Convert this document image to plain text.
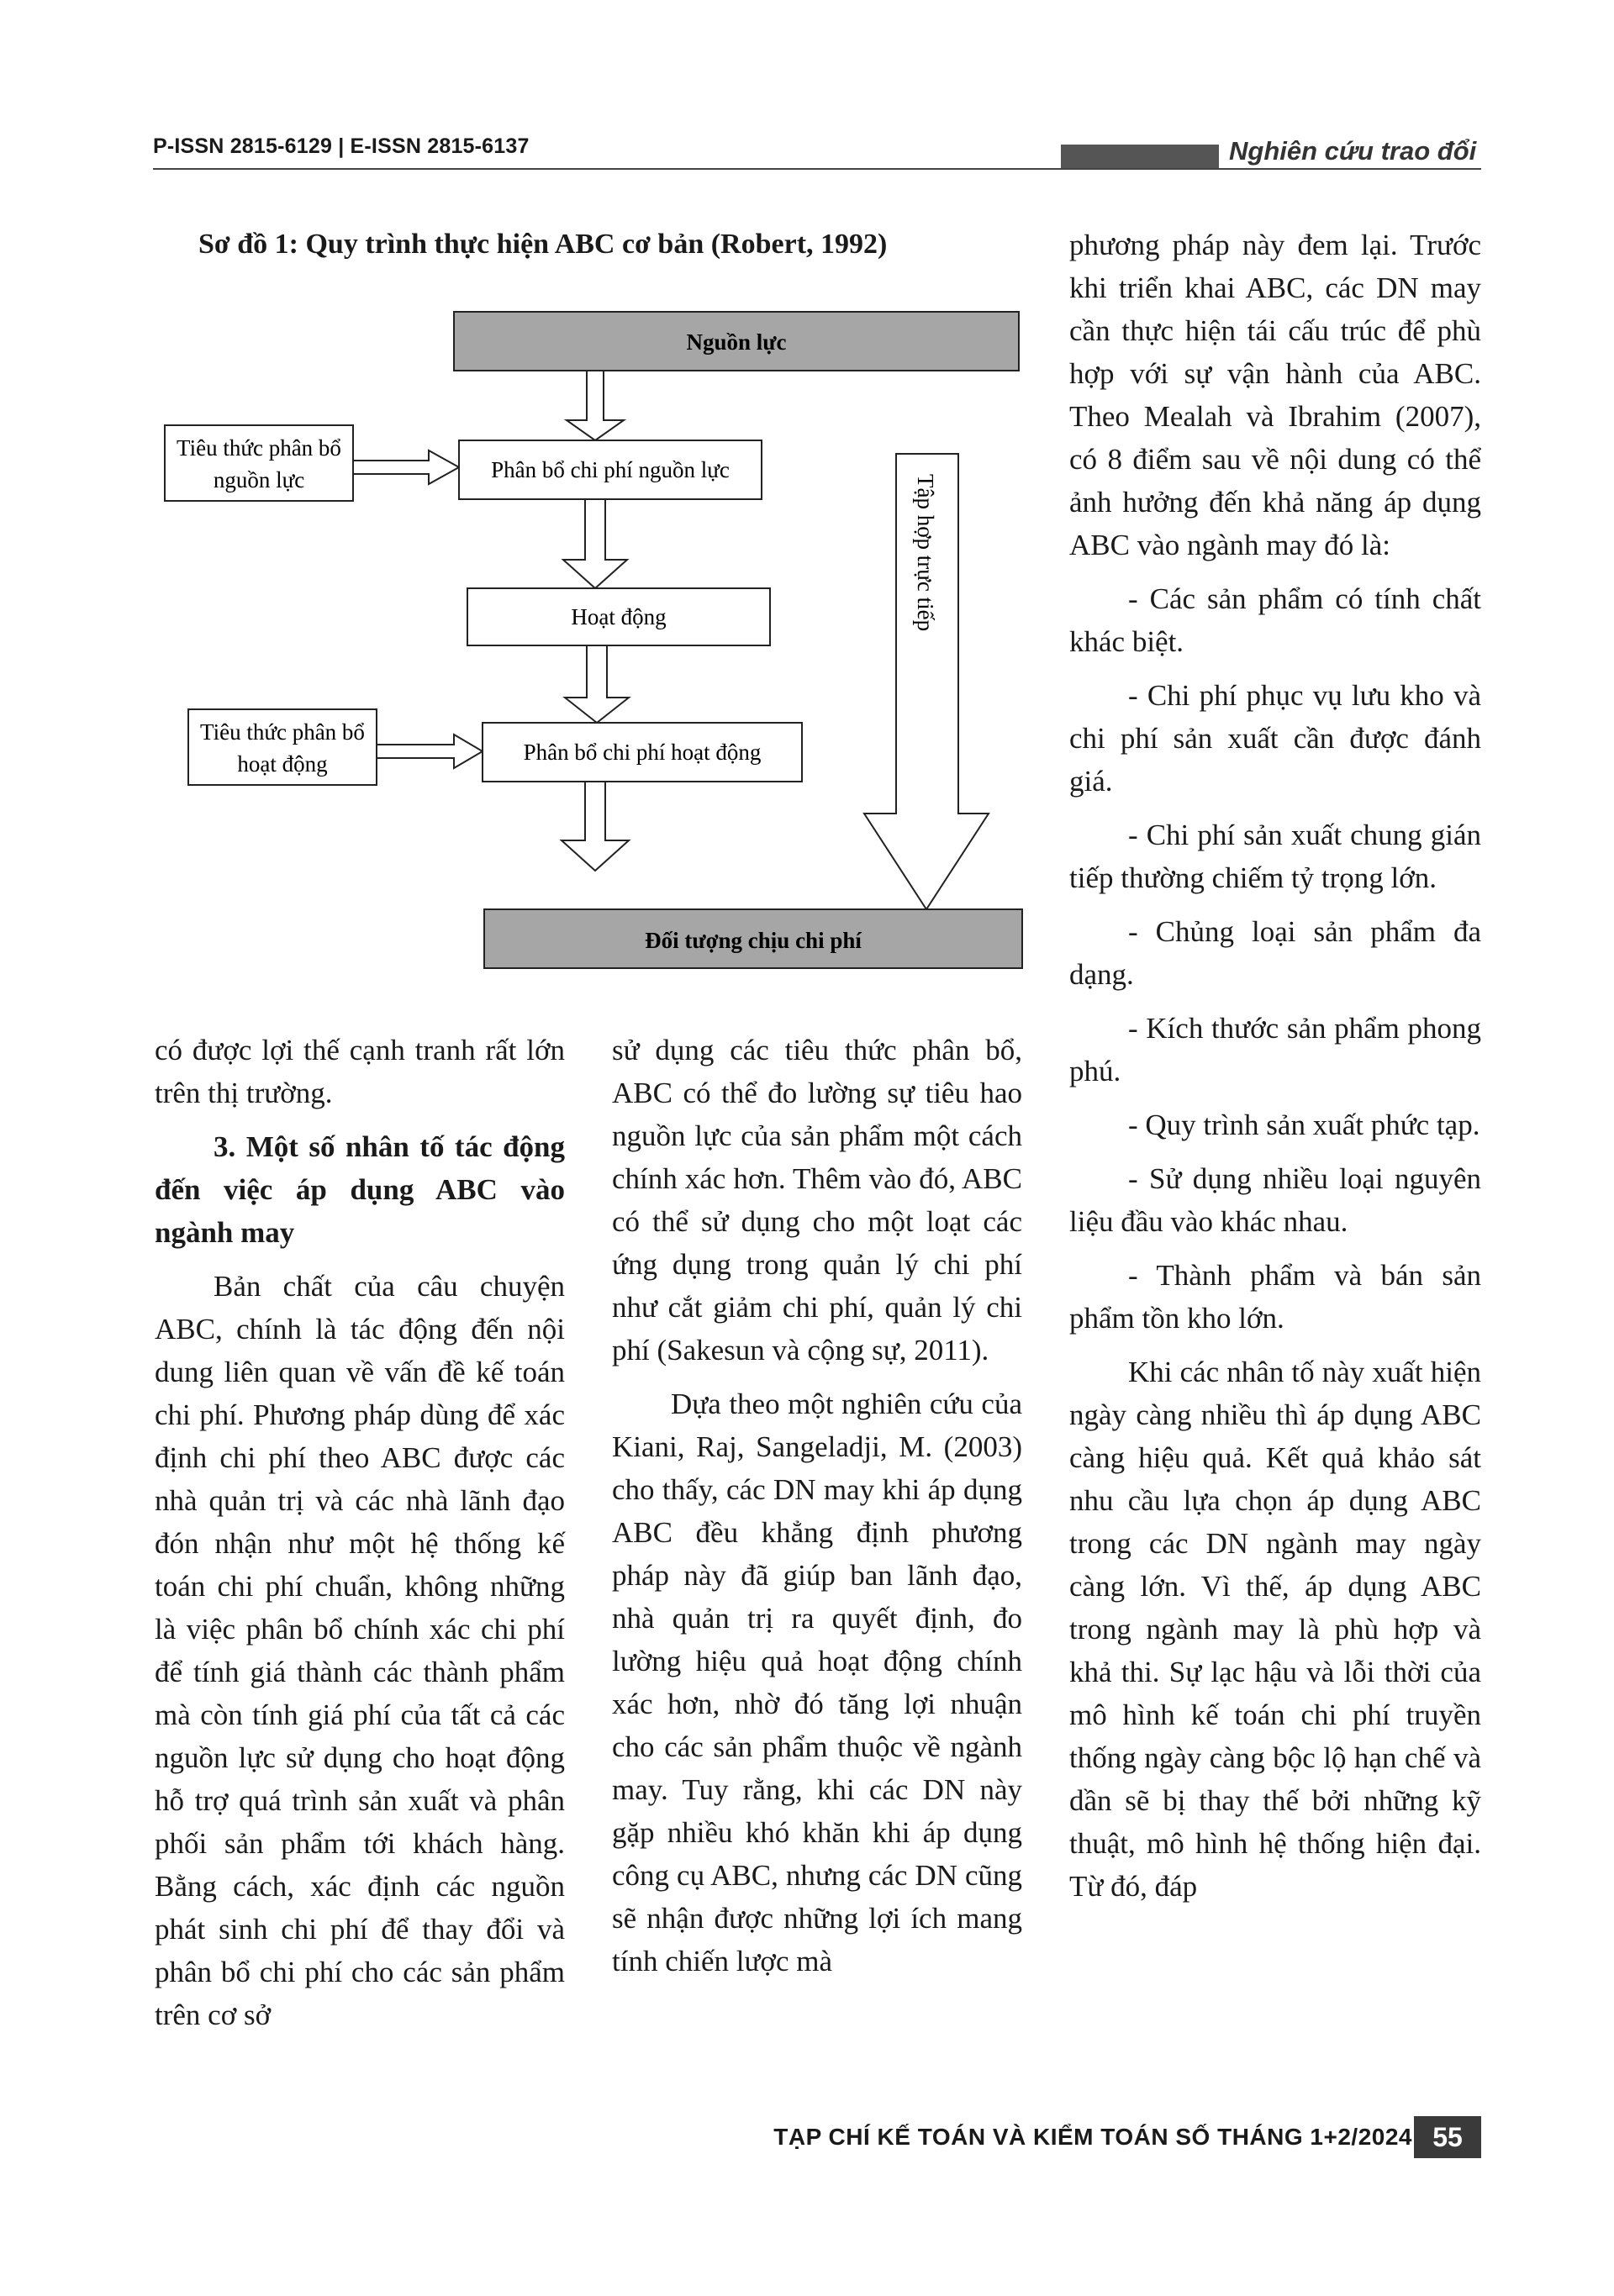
P-ISSN 2815-6129 | E-ISSN 2815-6137	Nghiên cứu trao đổi
Sơ đồ 1: Quy trình thực hiện ABC cơ bản (Robert, 1992)
Nguồn lực
Tiêu thức phân bổ
nguồn lực	Phân bổ chi phí nguồn lực
Hoạt động
Tiêu thức phân bổ
hoạt động	Phân bổ chi phí hoạt động
Tập hợp trực tiếp
Đối tượng chịu chi phí

có được lợi thế cạnh tranh rất lớn trên thị trường.

3. Một số nhân tố tác động đến việc áp dụng ABC vào ngành may

Bản chất của câu chuyện ABC, chính là tác động đến nội dung liên quan về vấn đề kế toán chi phí. Phương pháp dùng để xác định chi phí theo ABC được các nhà quản trị và các nhà lãnh đạo đón nhận như một hệ thống kế toán chi phí chuẩn, không những là việc phân bổ chính xác chi phí để tính giá thành các thành phẩm mà còn tính giá phí của tất cả các nguồn lực sử dụng cho hoạt động hỗ trợ quá trình sản xuất và phân phối sản phẩm tới khách hàng. Bằng cách, xác định các nguồn phát sinh chi phí để thay đổi và phân bổ chi phí cho các sản phẩm trên cơ sở

sử dụng các tiêu thức phân bổ, ABC có thể đo lường sự tiêu hao nguồn lực của sản phẩm một cách chính xác hơn. Thêm vào đó, ABC có thể sử dụng cho một loạt các ứng dụng trong quản lý chi phí như cắt giảm chi phí, quản lý chi phí (Sakesun và cộng sự, 2011).

Dựa theo một nghiên cứu của Kiani, Raj, Sangeladji, M. (2003) cho thấy, các DN may khi áp dụng ABC đều khẳng định phương pháp này đã giúp ban lãnh đạo, nhà quản trị ra quyết định, đo lường hiệu quả hoạt động chính xác hơn, nhờ đó tăng lợi nhuận cho các sản phẩm thuộc về ngành may. Tuy rằng, khi các DN này gặp nhiều khó khăn khi áp dụng công cụ ABC, nhưng các DN cũng sẽ nhận được những lợi ích mang tính chiến lược mà

phương pháp này đem lại. Trước khi triển khai ABC, các DN may cần thực hiện tái cấu trúc để phù hợp với sự vận hành của ABC. Theo Mealah và Ibrahim (2007), có 8 điểm sau về nội dung có thể ảnh hưởng đến khả năng áp dụng ABC vào ngành may đó là:

- Các sản phẩm có tính chất khác biệt.

- Chi phí phục vụ lưu kho và chi phí sản xuất cần được đánh giá.

- Chi phí sản xuất chung gián tiếp thường chiếm tỷ trọng lớn.

- Chủng loại sản phẩm đa dạng.

- Kích thước sản phẩm phong phú.

- Quy trình sản xuất phức tạp.

- Sử dụng nhiều loại nguyên liệu đầu vào khác nhau.

- Thành phẩm và bán sản phẩm tồn kho lớn.

Khi các nhân tố này xuất hiện ngày càng nhiều thì áp dụng ABC càng hiệu quả. Kết quả khảo sát nhu cầu lựa chọn áp dụng ABC trong các DN ngành may ngày càng lớn. Vì thế, áp dụng ABC trong ngành may là phù hợp và khả thi. Sự lạc hậu và lỗi thời của mô hình kế toán chi phí truyền thống ngày càng bộc lộ hạn chế và dần sẽ bị thay thế bởi những kỹ thuật, mô hình hệ thống hiện đại. Từ đó, đáp

TẠP CHÍ KẾ TOÁN VÀ KIỂM TOÁN SỐ THÁNG 1+2/2024 55
